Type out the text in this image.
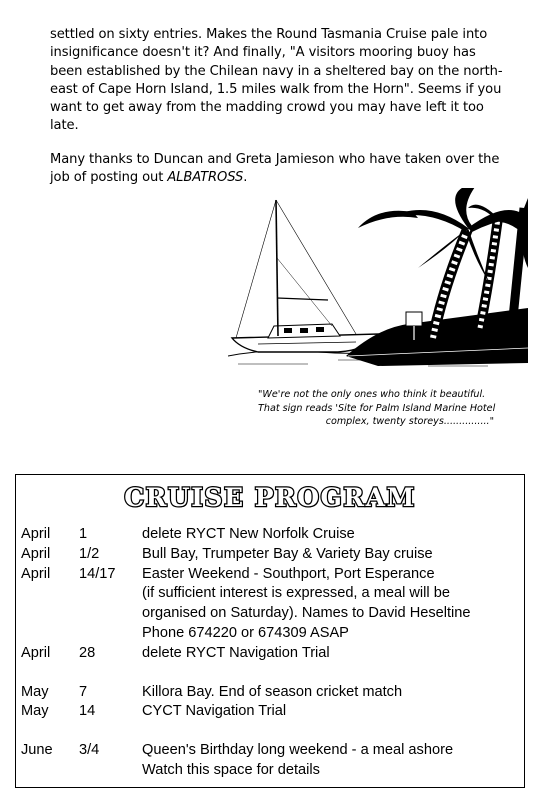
settled on sixty entries. Makes the Round Tasmania Cruise pale into insignificance doesn't it? And finally, "A visitors mooring buoy has been established by the Chilean navy in a sheltered bay on the north-east of Cape Horn Island, 1.5 miles walk from the Horn". Seems if you want to get away from the madding crowd you may have left it too late.

Many thanks to Duncan and Greta Jamieson who have taken over the job of posting out ALBATROSS.

"We're not the only ones who think it beautiful.
That sign reads 'Site for Palm Island Marine Hotel
complex, twenty storeys..............."
CRUISE PROGRAM
April	1	delete RYCT New Norfolk Cruise
April	1/2	Bull Bay, Trumpeter Bay & Variety Bay cruise
April	14/17	Easter Weekend - Southport, Port Esperance
(if sufficient interest is expressed, a meal will be
organised on Saturday). Names to David Heseltine
Phone 674220 or 674309 ASAP
April	28	delete RYCT Navigation Trial
May	7	Killora Bay. End of season cricket match
May	14	CYCT Navigation Trial
June	3/4	Queen's Birthday long weekend - a meal ashore
Watch this space for details
